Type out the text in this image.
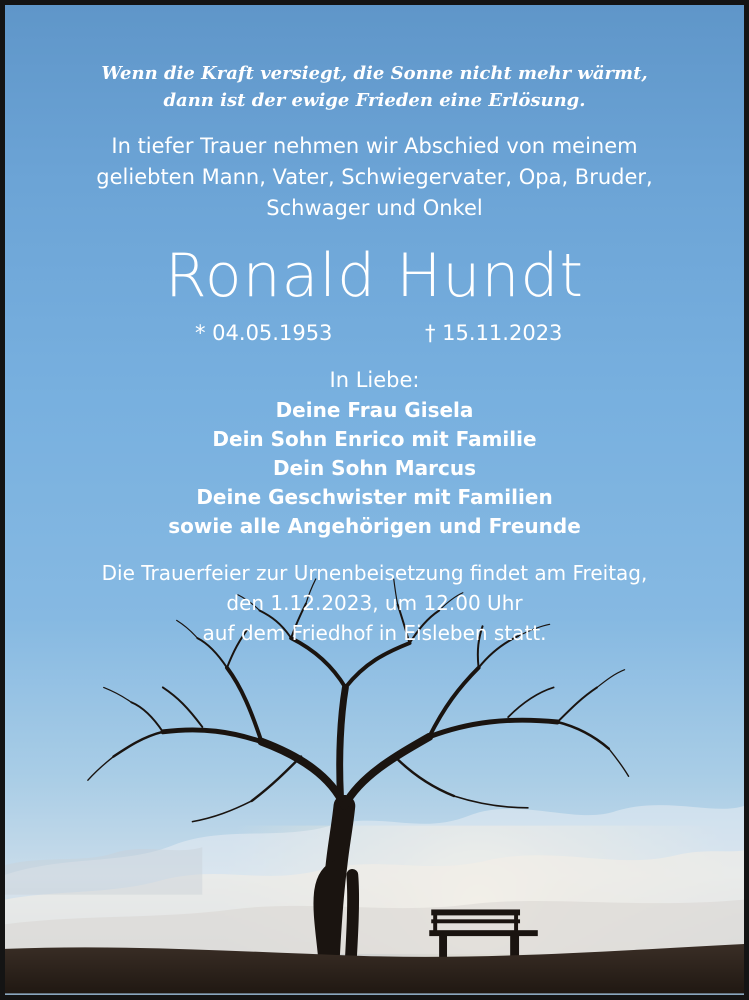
Wenn die Kraft versiegt, die Sonne nicht mehr wärmt,
dann ist der ewige Frieden eine Erlösung.
In tiefer Trauer nehmen wir Abschied von meinem
geliebten Mann, Vater, Schwiegervater, Opa, Bruder,
Schwager und Onkel
Ronald Hundt
* 04.05.1953	† 15.11.2023
In Liebe:
Deine Frau Gisela
Dein Sohn Enrico mit Familie
Dein Sohn Marcus
Deine Geschwister mit Familien
sowie alle Angehörigen und Freunde
Die Trauerfeier zur Urnenbeisetzung findet am Freitag,
den 1.12.2023, um 12.00 Uhr
auf dem Friedhof in Eisleben statt.
